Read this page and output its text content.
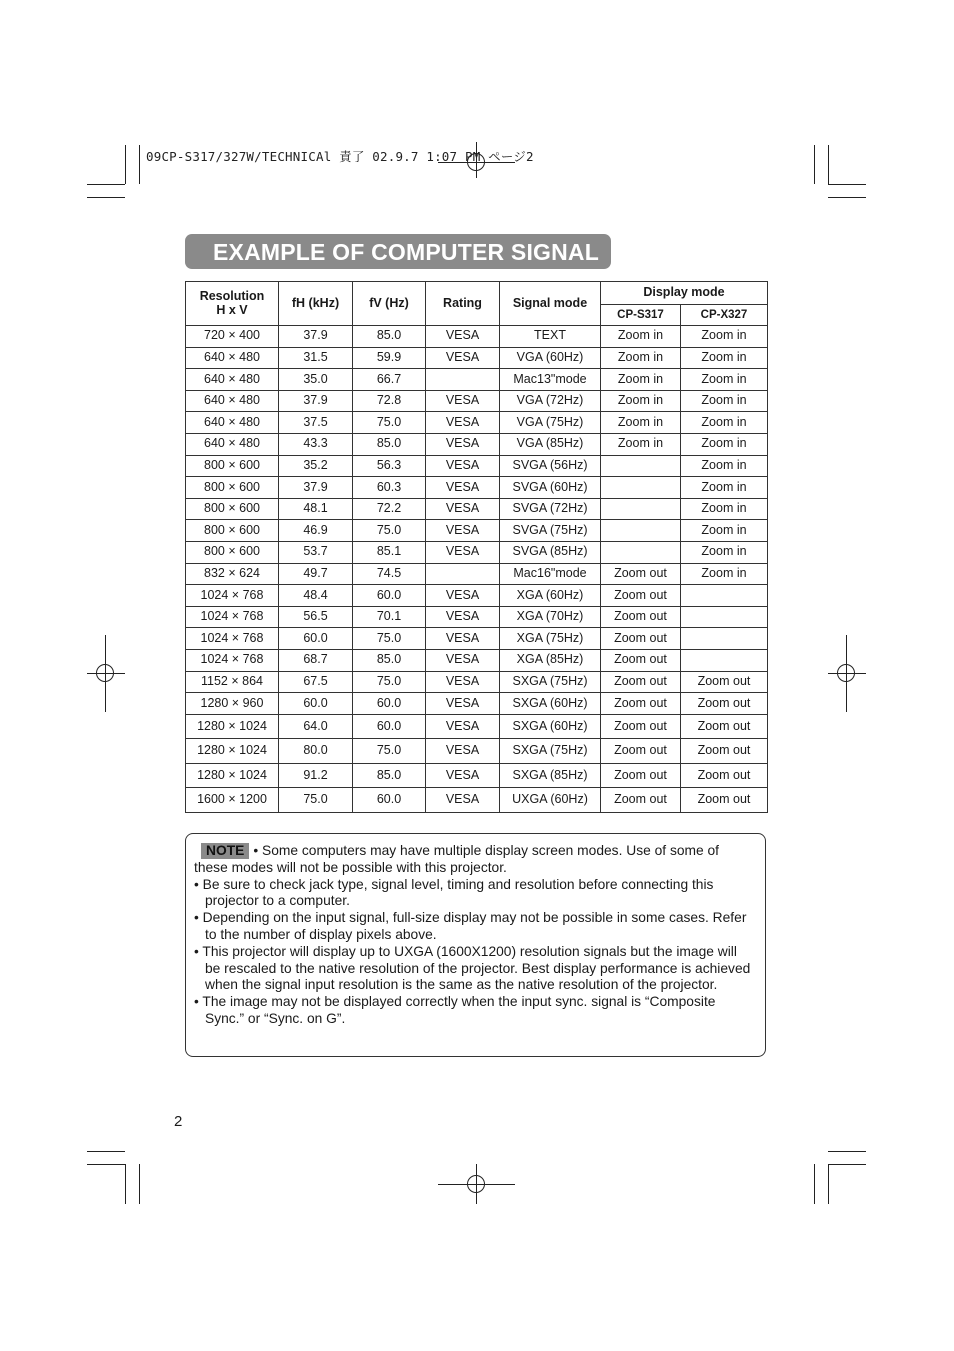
09CP-S317/327W/TECHNICAl 責了 02.9.7 1:07 PM ページ2
EXAMPLE OF COMPUTER SIGNAL
Resolution
H x V	fH (kHz)	fV (Hz)	Rating	Signal mode	Display mode	
					CP-S317	CP-X327
720 × 400	37.9	85.0	VESA	TEXT	Zoom in	Zoom in
640 × 480	31.5	59.9	VESA	VGA (60Hz)	Zoom in	Zoom in
640 × 480	35.0	66.7		Mac13"mode	Zoom in	Zoom in
640 × 480	37.9	72.8	VESA	VGA (72Hz)	Zoom in	Zoom in
640 × 480	37.5	75.0	VESA	VGA (75Hz)	Zoom in	Zoom in
640 × 480	43.3	85.0	VESA	VGA (85Hz)	Zoom in	Zoom in
800 × 600	35.2	56.3	VESA	SVGA (56Hz)		Zoom in
800 × 600	37.9	60.3	VESA	SVGA (60Hz)		Zoom in
800 × 600	48.1	72.2	VESA	SVGA (72Hz)		Zoom in
800 × 600	46.9	75.0	VESA	SVGA (75Hz)		Zoom in
800 × 600	53.7	85.1	VESA	SVGA (85Hz)		Zoom in
832 × 624	49.7	74.5		Mac16"mode	Zoom out	Zoom in
1024 × 768	48.4	60.0	VESA	XGA (60Hz)	Zoom out	
1024 × 768	56.5	70.1	VESA	XGA (70Hz)	Zoom out	
1024 × 768	60.0	75.0	VESA	XGA (75Hz)	Zoom out	
1024 × 768	68.7	85.0	VESA	XGA (85Hz)	Zoom out	
1152 × 864	67.5	75.0	VESA	SXGA (75Hz)	Zoom out	Zoom out
1280 × 960	60.0	60.0	VESA	SXGA (60Hz)	Zoom out	Zoom out
1280 × 1024	64.0	60.0	VESA	SXGA (60Hz)	Zoom out	Zoom out
1280 × 1024	80.0	75.0	VESA	SXGA (75Hz)	Zoom out	Zoom out
1280 × 1024	91.2	85.0	VESA	SXGA (85Hz)	Zoom out	Zoom out
1600 × 1200	75.0	60.0	VESA	UXGA (60Hz)	Zoom out	Zoom out

NOTE • Some computers may have multiple display screen modes. Use of some of these modes will not be possible with this projector.

• Be sure to check jack type, signal level, timing and resolution before connecting this projector to a computer.

• Depending on the input signal, full-size display may not be possible in some cases. Refer to the number of display pixels above.

• This projector will display up to UXGA (1600X1200) resolution signals but the image will be rescaled to the native resolution of the projector. Best display performance is achieved when the signal input resolution is the same as the native resolution of the projector.

• The image may not be displayed correctly when the input sync. signal is “Composite Sync.” or “Sync. on G”.

2
